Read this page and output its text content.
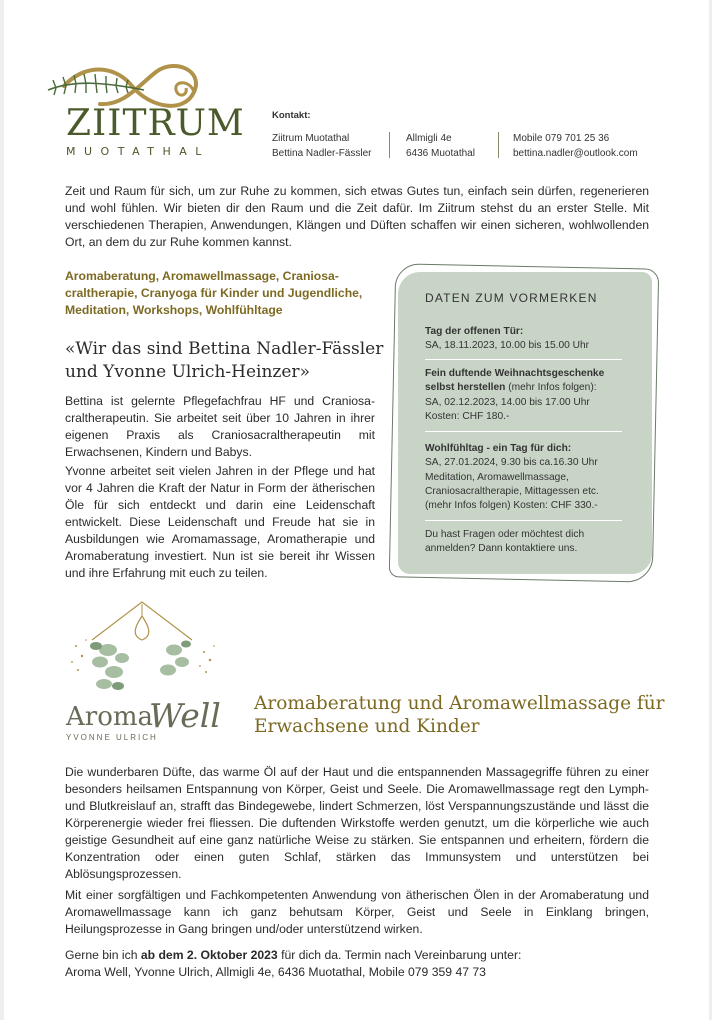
ZIITRUM
MUOTATHAL
Kontakt:
Ziitrum Muotathal
Bettina Nadler-Fässler
Allmigli 4e
6436 Muotathal
Mobile 079 701 25 36
bettina.nadler@outlook.com
Zeit und Raum für sich, um zur Ruhe zu kommen, sich etwas Gutes tun, einfach sein dürfen, regenerieren und wohl fühlen. Wir bieten dir den Raum und die Zeit dafür. Im Ziitrum stehst du an erster Stelle. Mit verschiedenen Therapien, Anwendungen, Klängen und Düften schaffen wir einen sicheren, wohlwollenden Ort, an dem du zur Ruhe kommen kannst.
Aromaberatung, Aromawellmassage, Craniosacraltherapie, Cranyoga für Kinder und Jugendliche, Meditation, Workshops, Wohlfühltage
«Wir das sind Bettina Nadler-Fässler und Yvonne Ulrich-Heinzer»
Bettina ist gelernte Pflegefachfrau HF und Craniosacraltherapeutin. Sie arbeitet seit über 10 Jahren in ihrer eigenen Praxis als Craniosacraltherapeutin mit Erwachsenen, Kindern und Babys.
Yvonne arbeitet seit vielen Jahren in der Pflege und hat vor 4 Jahren die Kraft der Natur in Form der ätherischen Öle für sich entdeckt und darin eine Leidenschaft entwickelt. Diese Leidenschaft und Freude hat sie in Ausbildungen wie Aromamassage, Aromatherapie und Aromaberatung investiert. Nun ist sie bereit ihr Wissen und ihre Erfahrung mit euch zu teilen.
DATEN ZUM VORMERKEN
Tag der offenen Tür:
SA, 18.11.2023, 10.00 bis 15.00 Uhr
Fein duftende Weihnachtsgeschenke selbst herstellen (mehr Infos folgen):
SA, 02.12.2023, 14.00 bis 17.00 Uhr
Kosten: CHF 180.-
Wohlfühltag - ein Tag für dich:
SA, 27.01.2024, 9.30 bis ca.16.30 Uhr
Meditation, Aromawellmassage,
Craniosacraltherapie, Mittagessen etc.
(mehr Infos folgen) Kosten: CHF 330.-
Du hast Fragen oder möchtest dich anmelden? Dann kontaktiere uns.
Aroma
Well
YVONNE ULRICH
Aromaberatung und Aromawellmassage für Erwachsene und Kinder
Die wunderbaren Düfte, das warme Öl auf der Haut und die entspannenden Massagegriffe führen zu einer besonders heilsamen Entspannung von Körper, Geist und Seele. Die Aromawellmassage regt den Lymph- und Blutkreislauf an, strafft das Bindegewebe, lindert Schmerzen, löst Verspannungszustände und lässt die Körperenergie wieder frei fliessen. Die duftenden Wirkstoffe werden genutzt, um die körperliche wie auch geistige Gesundheit auf eine ganz natürliche Weise zu stärken. Sie entspannen und erheitern, fördern die Konzentration oder einen guten Schlaf, stärken das Immunsystem und unterstützen bei Ablösungsprozessen.
Mit einer sorgfältigen und Fachkompetenten Anwendung von ätherischen Ölen in der Aromaberatung und Aromawellmassage kann ich ganz behutsam Körper, Geist und Seele in Einklang bringen, Heilungsprozesse in Gang bringen und/oder unterstützend wirken.
Gerne bin ich ab dem 2. Oktober 2023 für dich da. Termin nach Vereinbarung unter:
Aroma Well, Yvonne Ulrich, Allmigli 4e, 6436 Muotathal, Mobile 079 359 47 73
